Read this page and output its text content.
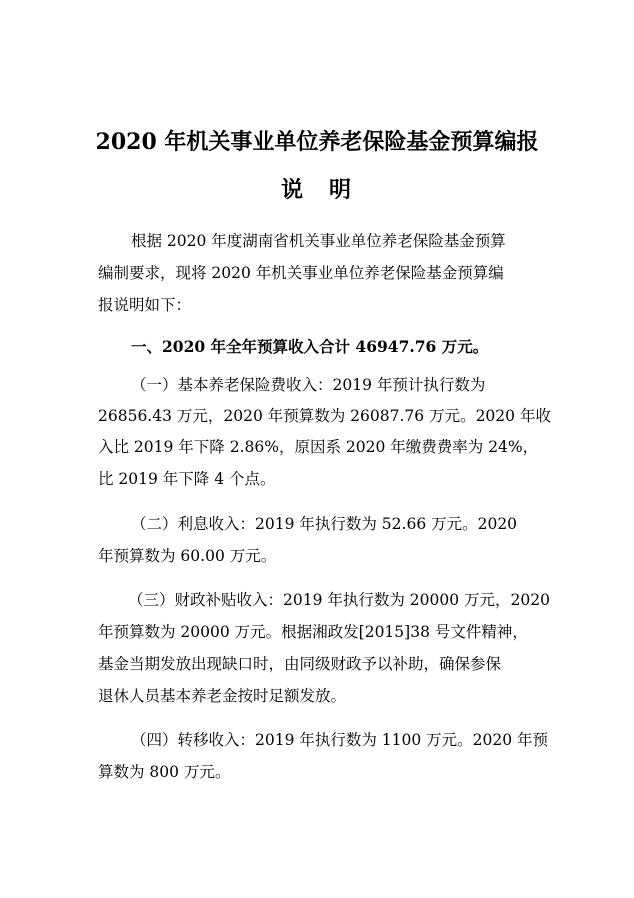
2020 年机关事业单位养老保险基金预算编报
说　明
根据 2020 年度湖南省机关事业单位养老保险基金预算
编制要求，现将 2020 年机关事业单位养老保险基金预算编
报说明如下：
一、2020 年全年预算收入合计 46947.76 万元。
（一）基本养老保险费收入：2019 年预计执行数为
26856.43 万元，2020 年预算数为 26087.76 万元。2020 年收
入比 2019 年下降 2.86%，原因系 2020 年缴费费率为 24%，
比 2019 年下降 4 个点。
（二）利息收入：2019 年执行数为 52.66 万元。2020
年预算数为 60.00 万元。
（三）财政补贴收入：2019 年执行数为 20000 万元，2020
年预算数为 20000 万元。根据湘政发[2015]38 号文件精神，
基金当期发放出现缺口时，由同级财政予以补助，确保参保
退休人员基本养老金按时足额发放。
（四）转移收入：2019 年执行数为 1100 万元。2020 年预
算数为 800 万元。
